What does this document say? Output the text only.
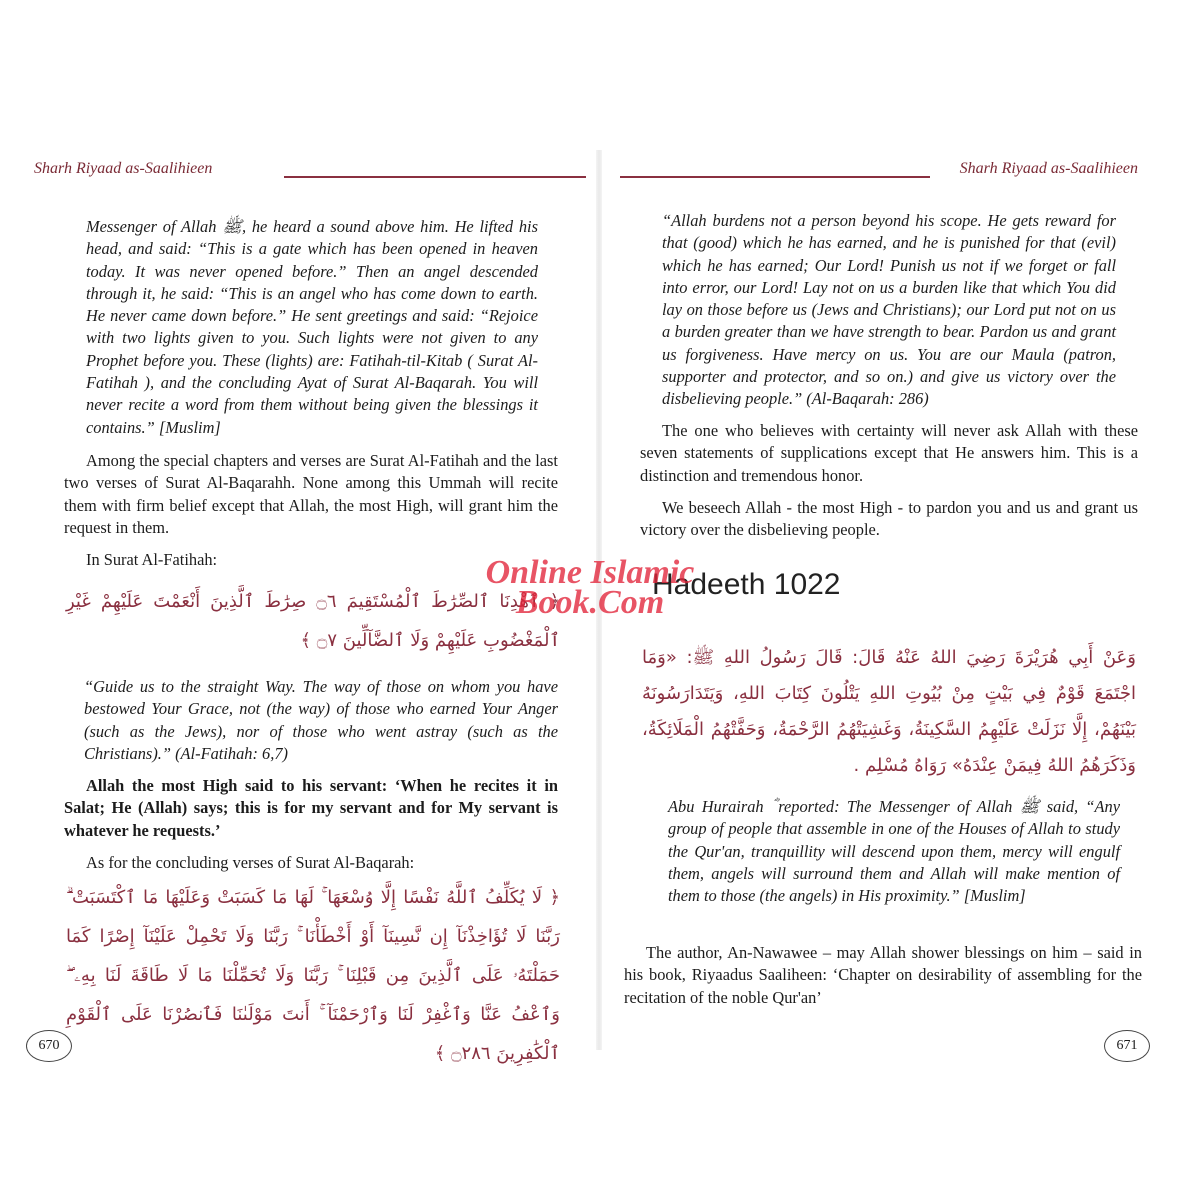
Sharh Riyaad as-Saalihieen

Messenger of Allah ﷺ, he heard a sound above him. He lifted his head, and said: “This is a gate which has been opened in heaven today. It was never opened before.” Then an angel descended through it, he said: “This is an angel who has come down to earth. He never came down before.” He sent greetings and said: “Rejoice with two lights given to you. Such lights were not given to any Prophet before you. These (lights) are: Fatihah-til-Kitab ( Surat Al-Fatihah ), and the concluding Ayat of Surat Al-Baqarah. You will never recite a word from them without being given the blessings it contains.” [Muslim]

Among the special chapters and verses are Surat Al-Fatihah and the last two verses of Surat Al-Baqarahh. None among this Ummah will recite them with firm belief except that Allah, the most High, will grant him the request in them.

In Surat Al-Fatihah:

﴿ ٱهْدِنَا ٱلصِّرَٰطَ ٱلْمُسْتَقِيمَ ۝٦ صِرَٰطَ ٱلَّذِينَ أَنْعَمْتَ عَلَيْهِمْ غَيْرِ ٱلْمَغْضُوبِ عَلَيْهِمْ وَلَا ٱلضَّآلِّينَ ۝٧ ﴾

“Guide us to the straight Way. The way of those on whom you have bestowed Your Grace, not (the way) of those who earned Your Anger (such as the Jews), nor of those who went astray (such as the Christians).” (Al-Fatihah: 6,7)

Allah the most High said to his servant: ‘When he recites it in Salat; He (Allah) says; this is for my servant and for My servant is whatever he requests.’

As for the concluding verses of Surat Al-Baqarah:

﴿ لَا يُكَلِّفُ ٱللَّهُ نَفْسًا إِلَّا وُسْعَهَا ۚ لَهَا مَا كَسَبَتْ وَعَلَيْهَا مَا ٱكْتَسَبَتْ ۗ رَبَّنَا لَا تُؤَاخِذْنَآ إِن نَّسِينَآ أَوْ أَخْطَأْنَا ۚ رَبَّنَا وَلَا تَحْمِلْ عَلَيْنَآ إِصْرًا كَمَا حَمَلْتَهُۥ عَلَى ٱلَّذِينَ مِن قَبْلِنَا ۚ رَبَّنَا وَلَا تُحَمِّلْنَا مَا لَا طَاقَةَ لَنَا بِهِۦ ۖ وَٱعْفُ عَنَّا وَٱغْفِرْ لَنَا وَٱرْحَمْنَآ ۚ أَنتَ مَوْلَىٰنَا فَٱنصُرْنَا عَلَى ٱلْقَوْمِ ٱلْكَٰفِرِينَ ۝٢٨٦ ﴾
670
Sharh Riyaad as-Saalihieen

“Allah burdens not a person beyond his scope. He gets reward for that (good) which he has earned, and he is punished for that (evil) which he has earned; Our Lord! Punish us not if we forget or fall into error, our Lord! Lay not on us a burden like that which You did lay on those before us (Jews and Christians); our Lord put not on us a burden greater than we have strength to bear. Pardon us and grant us forgiveness. Have mercy on us. You are our Maula (patron, supporter and protector, and so on.) and give us victory over the disbelieving people.” (Al-Baqarah: 286)

The one who believes with certainty will never ask Allah with these seven statements of supplications except that He answers him. This is a distinction and tremendous honor.

We beseech Allah - the most High - to pardon you and us and grant us victory over the disbelieving people.

وَعَنْ أَبِي هُرَيْرَةَ رَضِيَ اللهُ عَنْهُ قَالَ: قَالَ رَسُولُ اللهِ ﷺ: «وَمَا اجْتَمَعَ قَوْمٌ فِي بَيْتٍ مِنْ بُيُوتِ اللهِ يَتْلُونَ كِتَابَ اللهِ، وَيَتَدَارَسُونَهُ بَيْنَهُمْ، إِلَّا نَزَلَتْ عَلَيْهِمُ السَّكِينَةُ، وَغَشِيَتْهُمُ الرَّحْمَةُ، وَحَفَّتْهُمُ الْمَلَائِكَةُ، وَذَكَرَهُمُ اللهُ فِيمَنْ عِنْدَهُ» رَوَاهُ مُسْلِم .

Abu Hurairah ؓ reported: The Messenger of Allah ﷺ said, “Any group of people that assemble in one of the Houses of Allah to study the Qur'an, tranquillity will descend upon them, mercy will engulf them, angels will surround them and Allah will make mention of them to those (the angels) in His proximity.” [Muslim]

The author, An-Nawawee – may Allah shower blessings on him – said in his book, Riyaadus Saaliheen: ‘Chapter on desirability of assembling for the recitation of the noble Qur'an’

671
Hadeeth 1022
Online Islamic Book.Com
